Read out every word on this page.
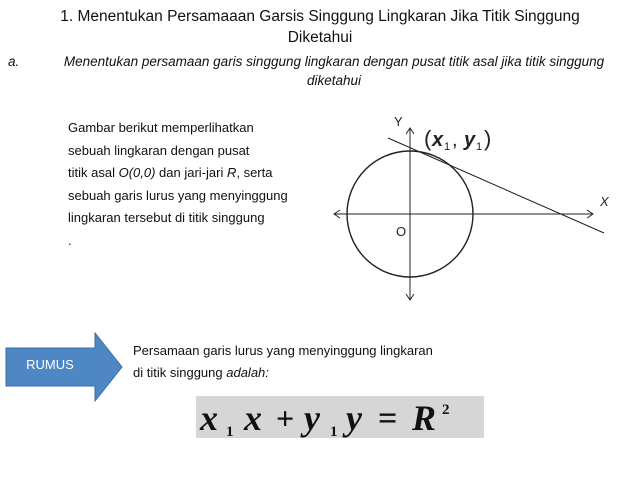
1. Menentukan Persamaaan Garsis Singgung Lingkaran Jika Titik Singgung Diketahui
a.	Menentukan persamaan garis singgung lingkaran dengan pusat titik asal jika titik singgung diketahui
Gambar berikut memperlihatkan
sebuah lingkaran dengan pusat
titik asal O(0,0) dan jari-jari R, serta
sebuah garis lurus yang menyinggung
lingkaran tersebut di titik singgung
.
Y
X
O
( x 1 , y 1 )
RUMUS
Persamaan garis lurus yang menyinggung lingkaran
di titik singgung adalah:
x 1 x + y 1 y = R 2
